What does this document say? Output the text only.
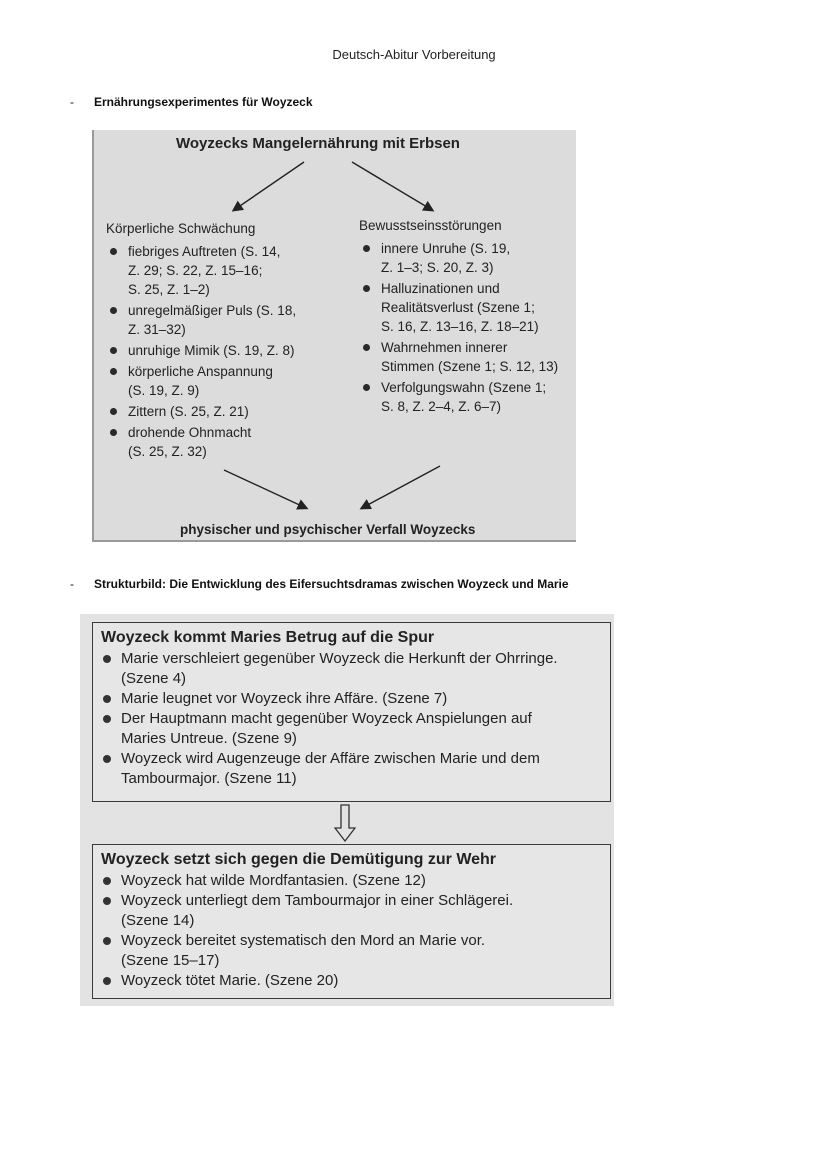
Deutsch-Abitur Vorbereitung
- Ernährungsexperimentes für Woyzeck
Woyzecks Mangelernährung mit Erbsen
Körperliche Schwächung
fiebriges Auftreten (S. 14,
Z. 29; S. 22, Z. 15–16;
S. 25, Z. 1–2)
unregelmäßiger Puls (S. 18,
Z. 31–32)
unruhige Mimik (S. 19, Z. 8)
körperliche Anspannung
(S. 19, Z. 9)
Zittern (S. 25, Z. 21)
drohende Ohnmacht
(S. 25, Z. 32)
Bewusstseinsstörungen
innere Unruhe (S. 19,
Z. 1–3; S. 20, Z. 3)
Halluzinationen und
Realitätsverlust (Szene 1;
S. 16, Z. 13–16, Z. 18–21)
Wahrnehmen innerer
Stimmen (Szene 1; S. 12, 13)
Verfolgungswahn (Szene 1;
S. 8, Z. 2–4, Z. 6–7)
physischer und psychischer Verfall Woyzecks
- Strukturbild: Die Entwicklung des Eifersuchtsdramas zwischen Woyzeck und Marie
Woyzeck kommt Maries Betrug auf die Spur
Marie verschleiert gegenüber Woyzeck die Herkunft der Ohrringe.
(Szene 4)
Marie leugnet vor Woyzeck ihre Affäre. (Szene 7)
Der Hauptmann macht gegenüber Woyzeck Anspielungen auf
Maries Untreue. (Szene 9)
Woyzeck wird Augenzeuge der Affäre zwischen Marie und dem
Tambourmajor. (Szene 11)
Woyzeck setzt sich gegen die Demütigung zur Wehr
Woyzeck hat wilde Mordfantasien. (Szene 12)
Woyzeck unterliegt dem Tambourmajor in einer Schlägerei.
(Szene 14)
Woyzeck bereitet systematisch den Mord an Marie vor.
(Szene 15–17)
Woyzeck tötet Marie. (Szene 20)
